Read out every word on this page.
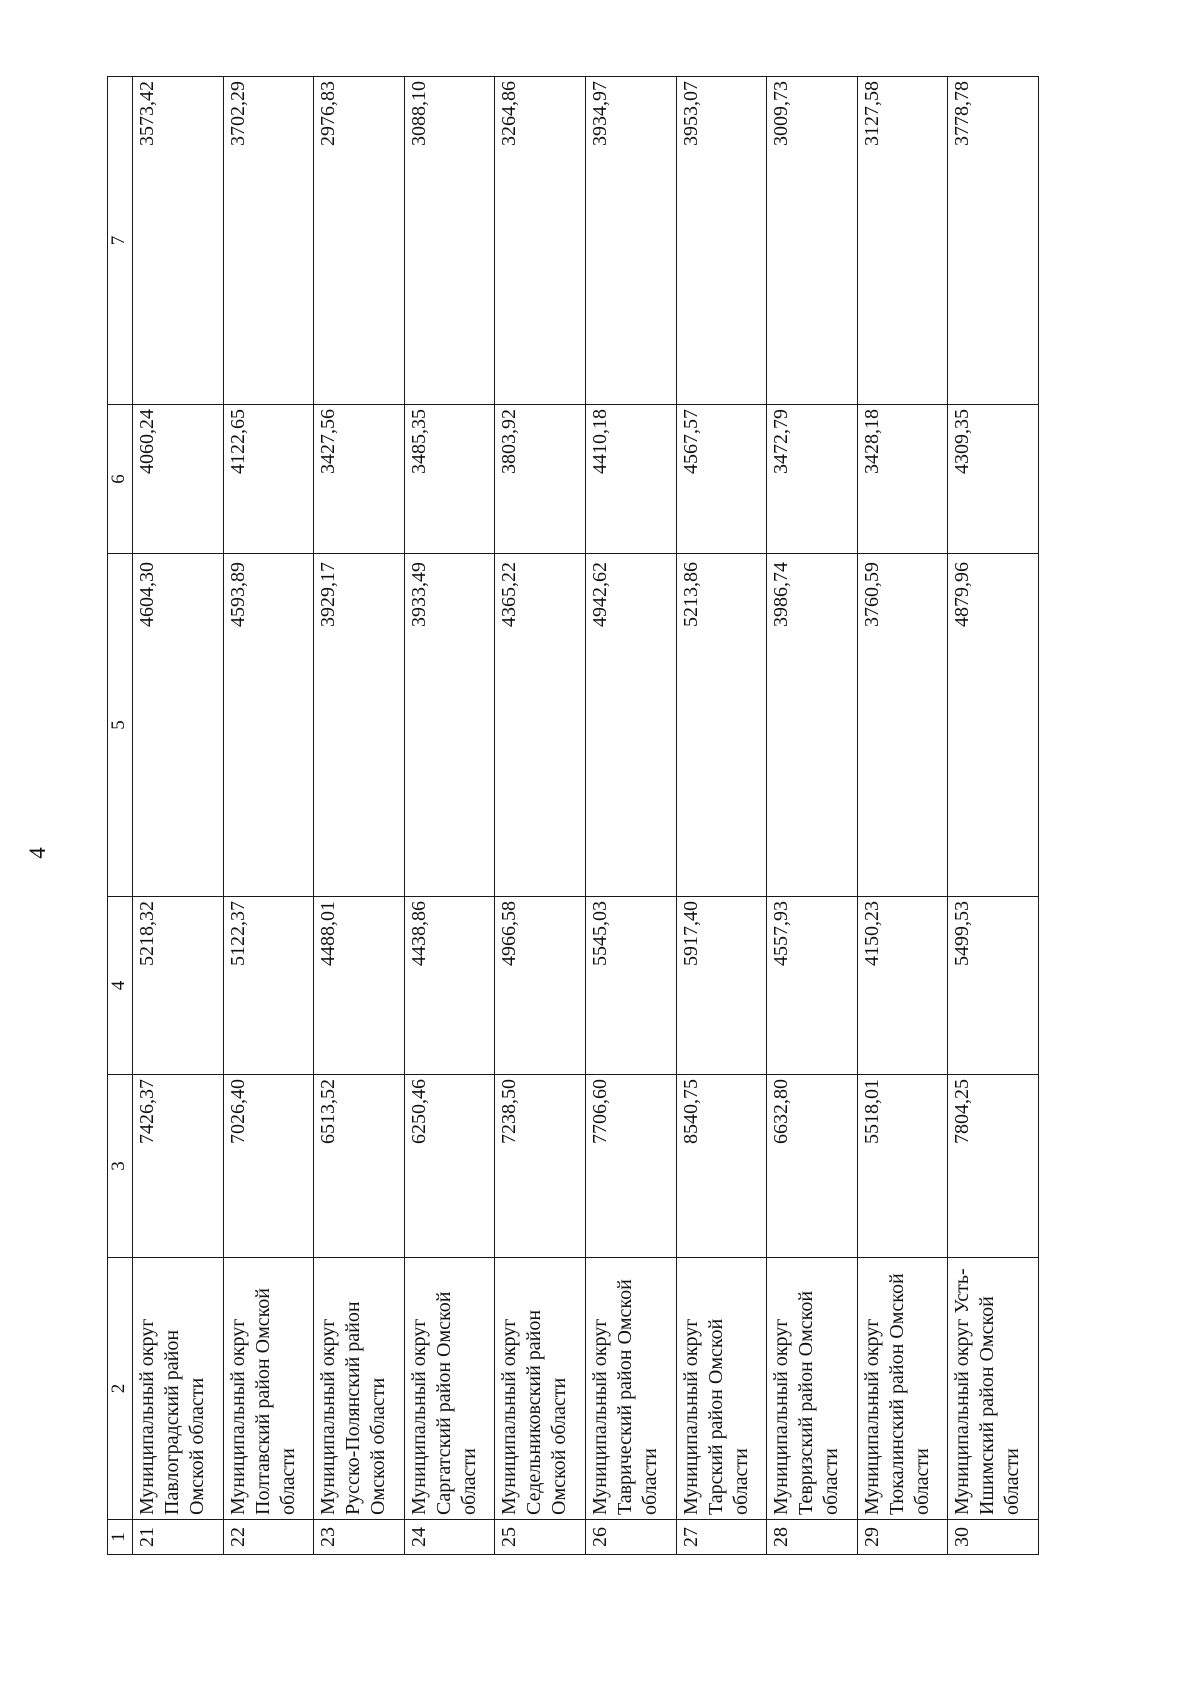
4
1	2	3	4	5	6	7
21	Муниципальный округ Павлоградский район Омской области	7426,37	5218,32	4604,30	4060,24	3573,42
22	Муниципальный округ Полтавский район Омской области	7026,40	5122,37	4593,89	4122,65	3702,29
23	Муниципальный округ Русско-Полянский район Омской области	6513,52	4488,01	3929,17	3427,56	2976,83
24	Муниципальный округ Саргатский район Омской области	6250,46	4438,86	3933,49	3485,35	3088,10
25	Муниципальный округ Седельниковский район Омской области	7238,50	4966,58	4365,22	3803,92	3264,86
26	Муниципальный округ Таврический район Омской области	7706,60	5545,03	4942,62	4410,18	3934,97
27	Муниципальный округ Тарский район Омской области	8540,75	5917,40	5213,86	4567,57	3953,07
28	Муниципальный округ Тевризский район Омской области	6632,80	4557,93	3986,74	3472,79	3009,73
29	Муниципальный округ Тюкалинский район Омской области	5518,01	4150,23	3760,59	3428,18	3127,58
30	Муниципальный округ Усть-Ишимский район Омской области	7804,25	5499,53	4879,96	4309,35	3778,78
